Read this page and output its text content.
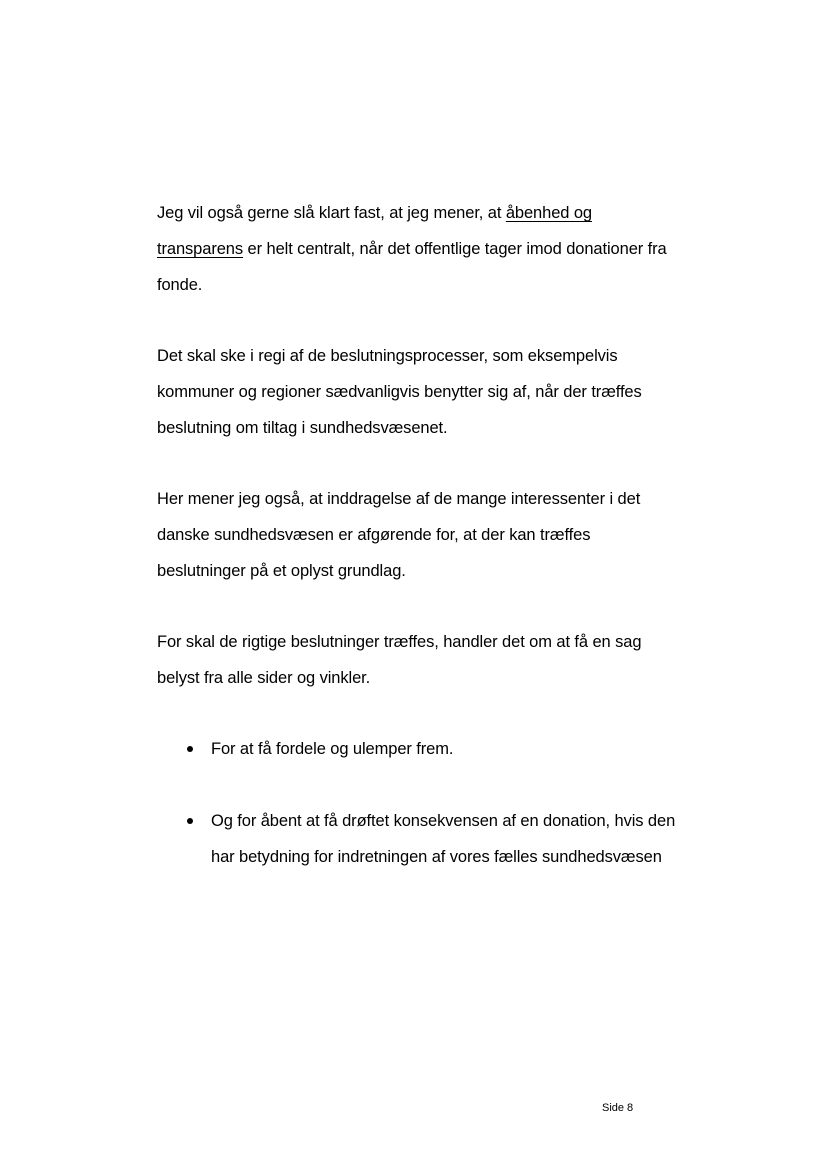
Jeg vil også gerne slå klart fast, at jeg mener, at åbenhed og transparens er helt centralt, når det offentlige tager imod donationer fra fonde.

Det skal ske i regi af de beslutningsprocesser, som eksempelvis kommuner og regioner sædvanligvis benytter sig af, når der træffes beslutning om tiltag i sundhedsvæsenet.

Her mener jeg også, at inddragelse af de mange interessenter i det danske sundhedsvæsen er afgørende for, at der kan træffes beslutninger på et oplyst grundlag.

For skal de rigtige beslutninger træffes, handler det om at få en sag belyst fra alle sider og vinkler.

For at få fordele og ulemper frem.
Og for åbent at få drøftet konsekvensen af en donation, hvis den har betydning for indretningen af vores fælles sundhedsvæsen
Side 8
